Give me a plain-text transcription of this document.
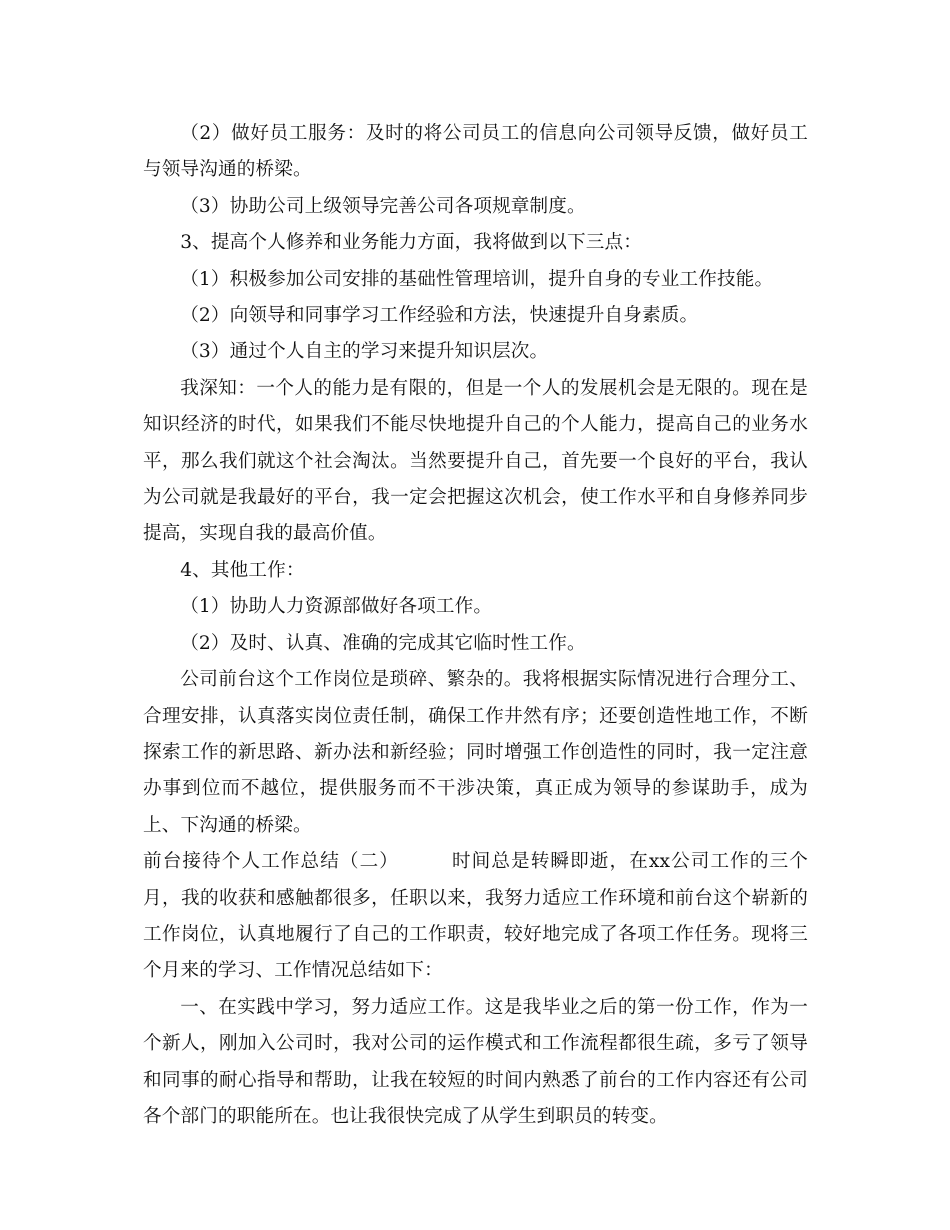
（2）做好员工服务：及时的将公司员工的信息向公司领导反馈，做好员工与领导沟通的桥梁。

（3）协助公司上级领导完善公司各项规章制度。

3、提高个人修养和业务能力方面，我将做到以下三点：

（1）积极参加公司安排的基础性管理培训，提升自身的专业工作技能。

（2）向领导和同事学习工作经验和方法，快速提升自身素质。

（3）通过个人自主的学习来提升知识层次。

我深知：一个人的能力是有限的，但是一个人的发展机会是无限的。现在是知识经济的时代，如果我们不能尽快地提升自己的个人能力，提高自己的业务水平，那么我们就这个社会淘汰。当然要提升自己，首先要一个良好的平台，我认为公司就是我最好的平台，我一定会把握这次机会，使工作水平和自身修养同步提高，实现自我的最高价值。

4、其他工作：

（1）协助人力资源部做好各项工作。

（2）及时、认真、准确的完成其它临时性工作。

公司前台这个工作岗位是琐碎、繁杂的。我将根据实际情况进行合理分工、合理安排，认真落实岗位责任制，确保工作井然有序；还要创造性地工作，不断探索工作的新思路、新办法和新经验；同时增强工作创造性的同时，我一定注意办事到位而不越位，提供服务而不干涉决策，真正成为领导的参谋助手，成为上、下沟通的桥梁。

前台接待个人工作总结（二）	时间总是转瞬即逝，在xx公司工作的三个月，我的收获和感触都很多，任职以来，我努力适应工作环境和前台这个崭新的工作岗位，认真地履行了自己的工作职责，较好地完成了各项工作任务。现将三个月来的学习、工作情况总结如下：

一、在实践中学习，努力适应工作。这是我毕业之后的第一份工作，作为一个新人，刚加入公司时，我对公司的运作模式和工作流程都很生疏，多亏了领导和同事的耐心指导和帮助，让我在较短的时间内熟悉了前台的工作内容还有公司各个部门的职能所在。也让我很快完成了从学生到职员的转变。
